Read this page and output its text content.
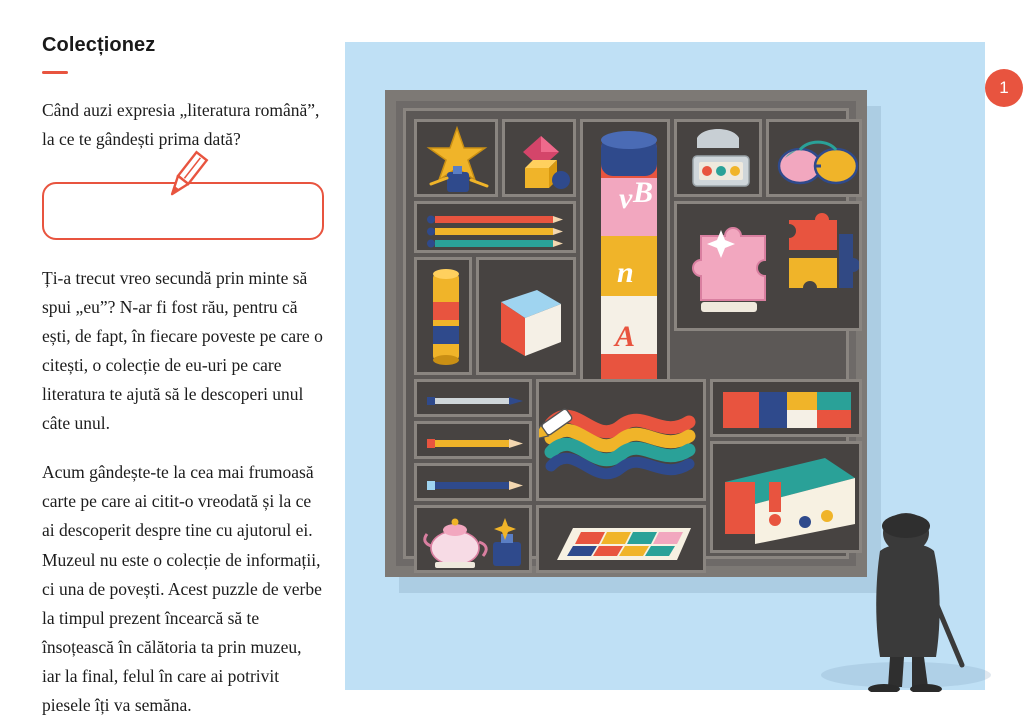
Colecționez

Când auzi expresia „literatura română”, la ce te gândești prima dată?

Ți-a trecut vreo secundă prin minte să spui „eu”? N-ar fi fost rău, pentru că ești, de fapt, în fiecare poveste pe care o citești, o colecție de eu-uri pe care literatura te ajută să le descoperi unul câte unul.

Acum gândește-te la cea mai frumoasă carte pe care ai citit-o vreodată și la ce ai descoperit despre tine cu ajutorul ei. Muzeul nu este o colecție de informații, ci una de povești. Acest puzzle de verbe la timpul prezent încearcă să te însoțească în călătoria ta prin muzeu, iar la final, felul în care ai potrivit piesele îți va semăna.

1
v B
n
A
